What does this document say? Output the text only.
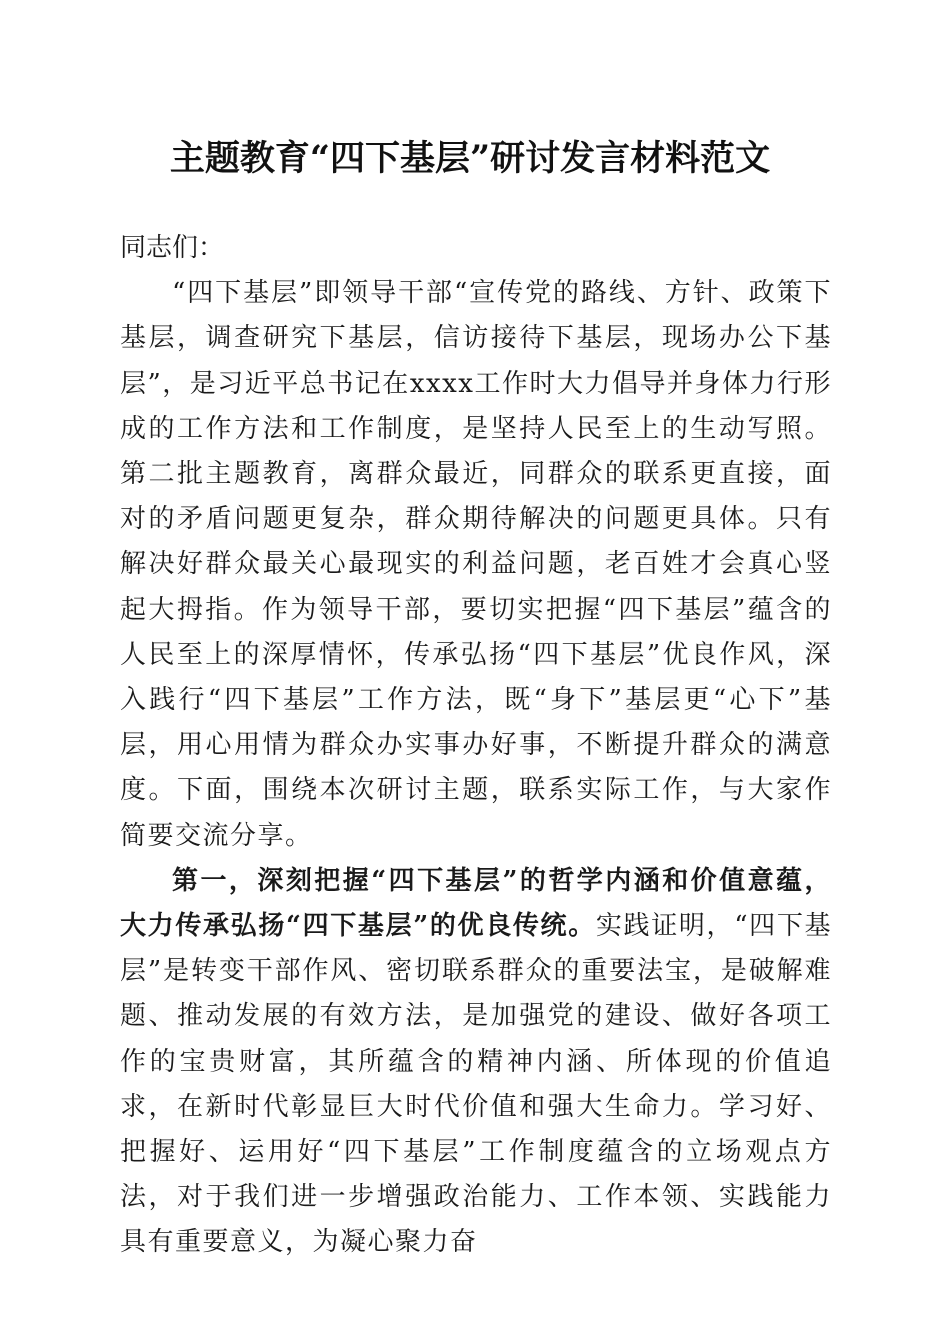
主题教育“四下基层”研讨发言材料范文

同志们：

“四下基层”即领导干部“宣传党的路线、方针、政策下基层，调查研究下基层，信访接待下基层，现场办公下基层”，是习近平总书记在xxxx工作时大力倡导并身体力行形成的工作方法和工作制度，是坚持人民至上的生动写照。第二批主题教育，离群众最近，同群众的联系更直接，面对的矛盾问题更复杂，群众期待解决的问题更具体。只有解决好群众最关心最现实的利益问题，老百姓才会真心竖起大拇指。作为领导干部，要切实把握“四下基层”蕴含的人民至上的深厚情怀，传承弘扬“四下基层”优良作风，深入践行“四下基层”工作方法，既“身下”基层更“心下”基层，用心用情为群众办实事办好事，不断提升群众的满意度。下面，围绕本次研讨主题，联系实际工作，与大家作简要交流分享。

第一，深刻把握“四下基层”的哲学内涵和价值意蕴，大力传承弘扬“四下基层”的优良传统。实践证明，“四下基层”是转变干部作风、密切联系群众的重要法宝，是破解难题、推动发展的有效方法，是加强党的建设、做好各项工作的宝贵财富，其所蕴含的精神内涵、所体现的价值追求，在新时代彰显巨大时代价值和强大生命力。学习好、把握好、运用好“四下基层”工作制度蕴含的立场观点方法，对于我们进一步增强政治能力、工作本领、实践能力具有重要意义，为凝心聚力奋
